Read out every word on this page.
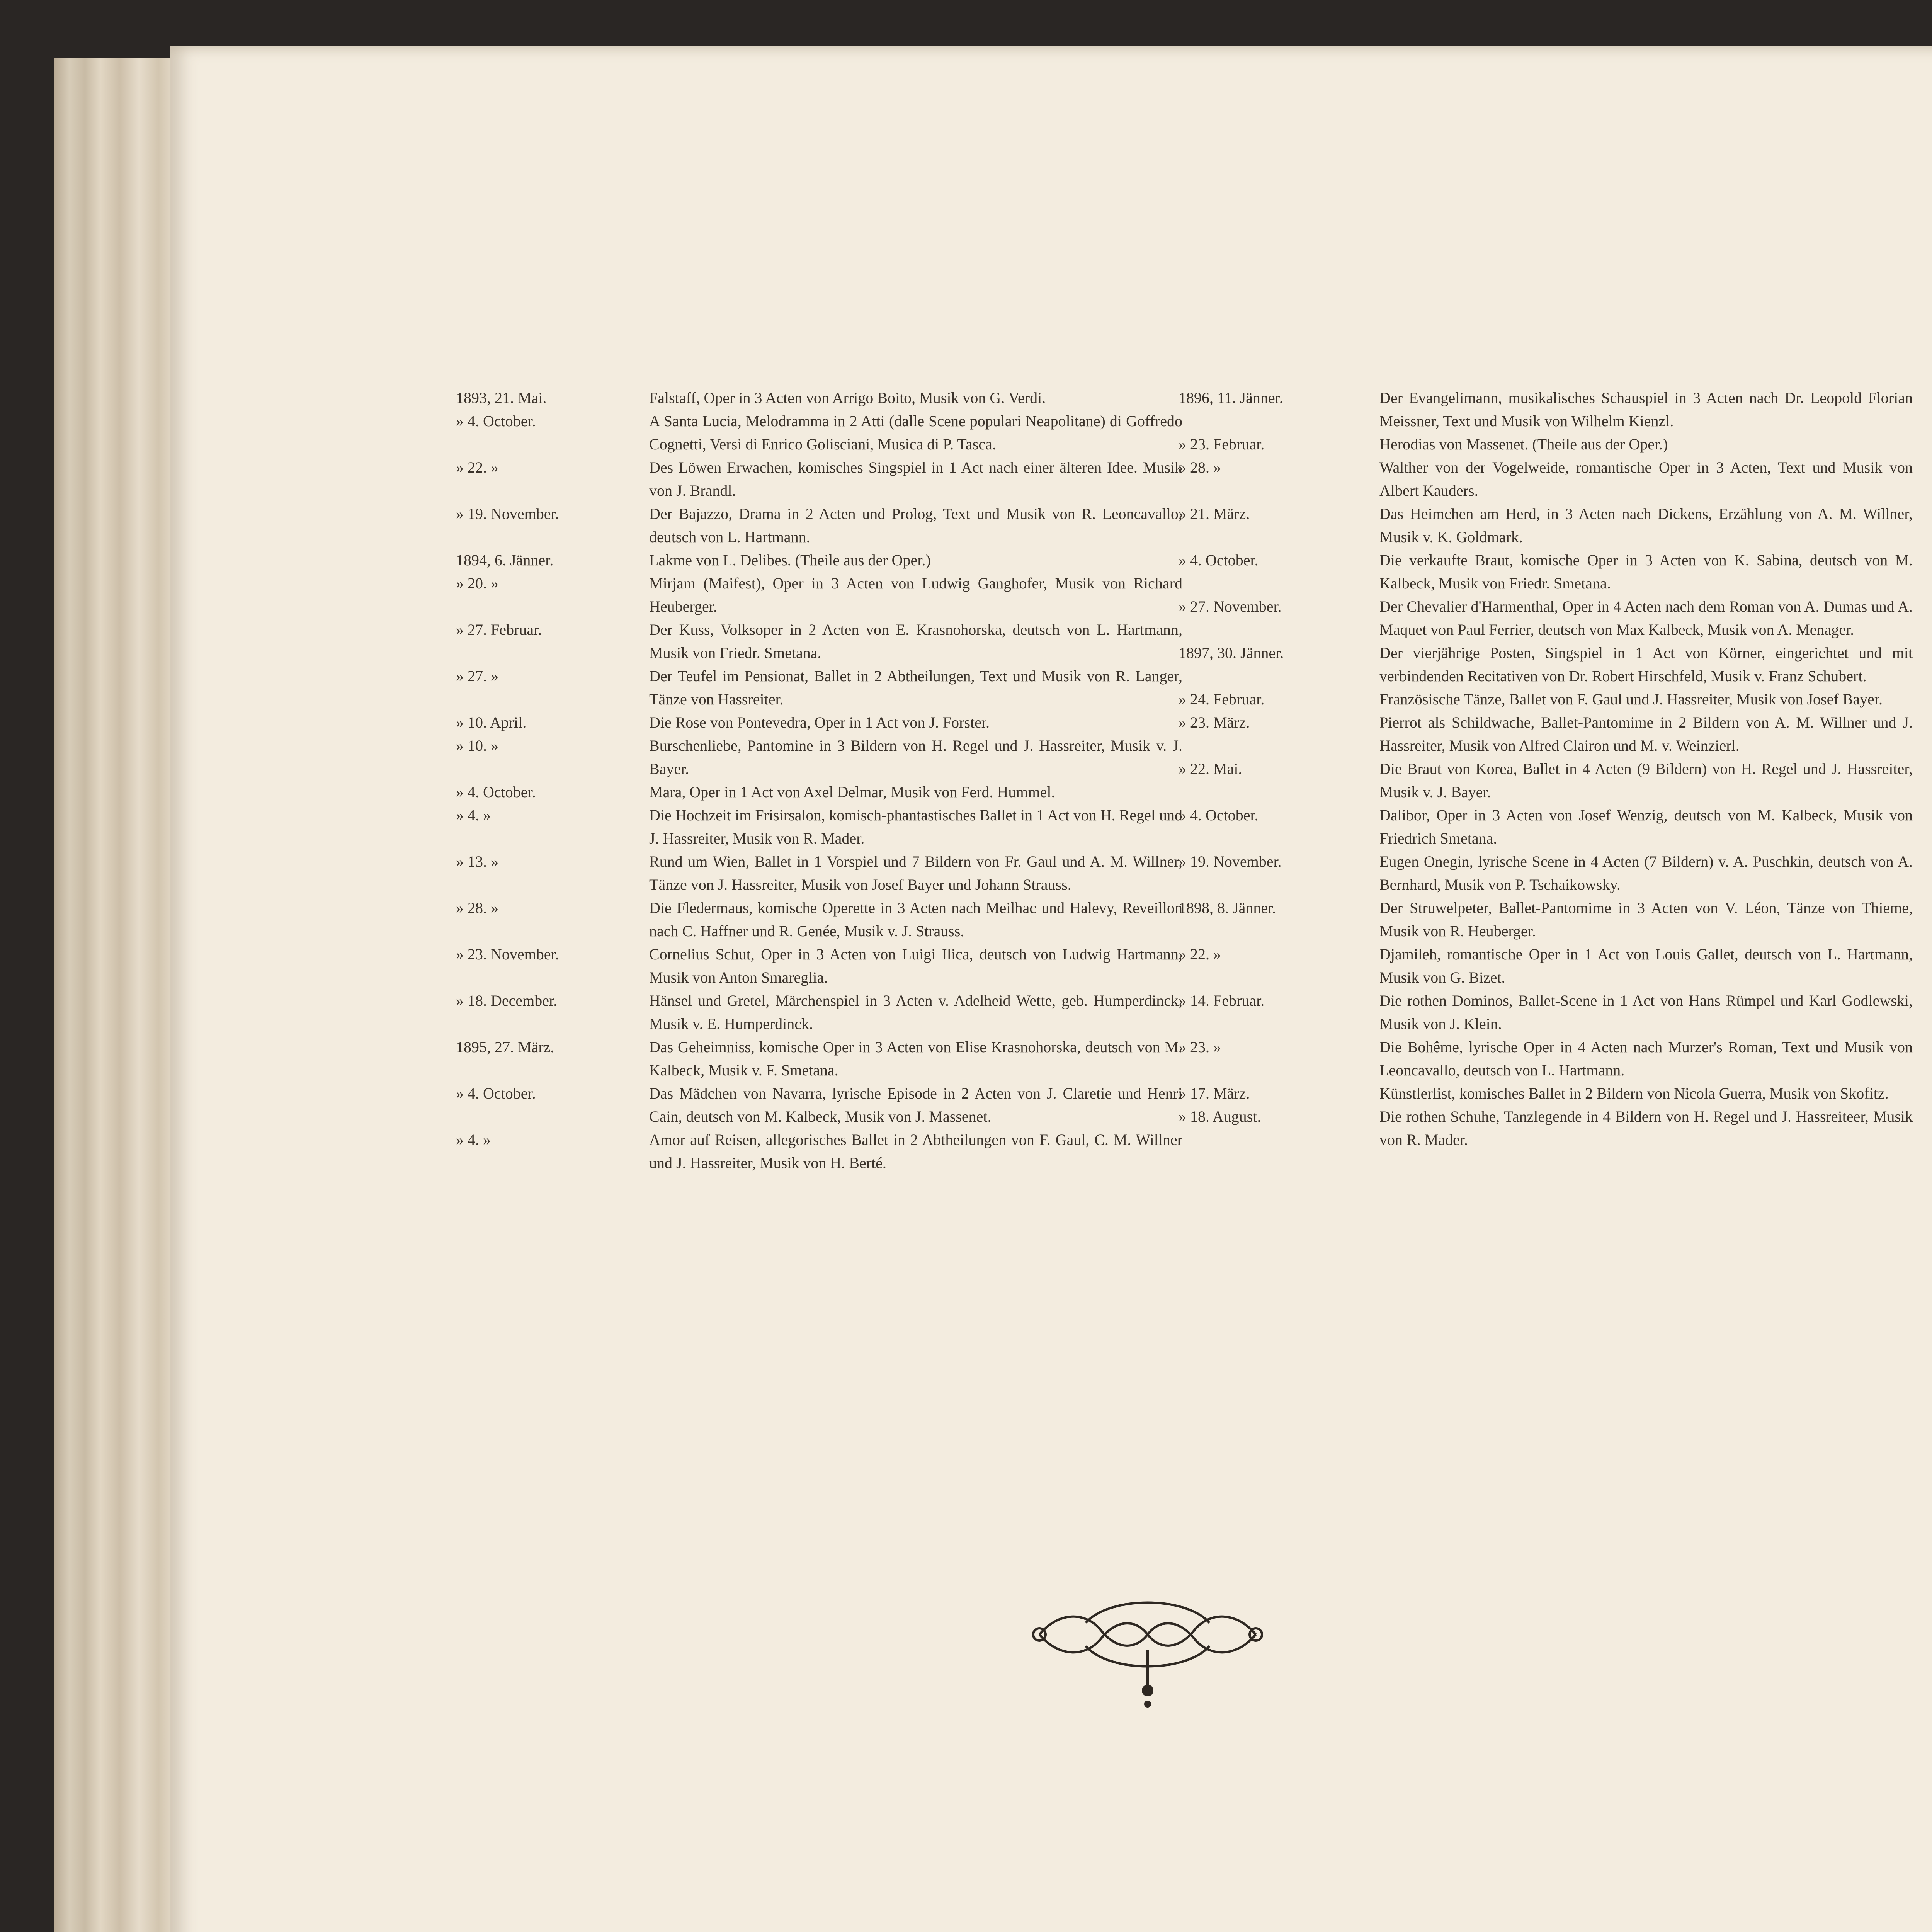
1893, 21. Mai.	Falstaff, Oper in 3 Acten von Arrigo Boito, Musik von G. Verdi.
» 4. October.	A Santa Lucia, Melodramma in 2 Atti (dalle Scene populari Neapolitane) di Goffredo Cognetti, Versi di Enrico Golisciani, Musica di P. Tasca.
» 22. »	Des Löwen Erwachen, komisches Singspiel in 1 Act nach einer älteren Idee. Musik von J. Brandl.
» 19. November.	Der Bajazzo, Drama in 2 Acten und Prolog, Text und Musik von R. Leoncavallo, deutsch von L. Hartmann.
1894, 6. Jänner.	Lakme von L. Delibes. (Theile aus der Oper.)
» 20. »	Mirjam (Maifest), Oper in 3 Acten von Ludwig Ganghofer, Musik von Richard Heuberger.
» 27. Februar.	Der Kuss, Volksoper in 2 Acten von E. Krasnohorska, deutsch von L. Hartmann, Musik von Friedr. Smetana.
» 27. »	Der Teufel im Pensionat, Ballet in 2 Abtheilungen, Text und Musik von R. Langer, Tänze von Hassreiter.
» 10. April.	Die Rose von Pontevedra, Oper in 1 Act von J. Forster.
» 10. »	Burschenliebe, Pantomine in 3 Bildern von H. Regel und J. Hassreiter, Musik v. J. Bayer.
» 4. October.	Mara, Oper in 1 Act von Axel Delmar, Musik von Ferd. Hummel.
» 4. »	Die Hochzeit im Frisirsalon, komisch-phantastisches Ballet in 1 Act von H. Regel und J. Hassreiter, Musik von R. Mader.
» 13. »	Rund um Wien, Ballet in 1 Vorspiel und 7 Bildern von Fr. Gaul und A. M. Willner, Tänze von J. Hassreiter, Musik von Josef Bayer und Johann Strauss.
» 28. »	Die Fledermaus, komische Operette in 3 Acten nach Meilhac und Halevy, Reveillon nach C. Haffner und R. Genée, Musik v. J. Strauss.
» 23. November.	Cornelius Schut, Oper in 3 Acten von Luigi Ilica, deutsch von Ludwig Hartmann, Musik von Anton Smareglia.
» 18. December.	Hänsel und Gretel, Märchenspiel in 3 Acten v. Adelheid Wette, geb. Humperdinck, Musik v. E. Humperdinck.
1895, 27. März.	Das Geheimniss, komische Oper in 3 Acten von Elise Krasnohorska, deutsch von M. Kalbeck, Musik v. F. Smetana.
» 4. October.	Das Mädchen von Navarra, lyrische Episode in 2 Acten von J. Claretie und Henri Cain, deutsch von M. Kalbeck, Musik von J. Massenet.
» 4. »	Amor auf Reisen, allegorisches Ballet in 2 Abtheilungen von F. Gaul, C. M. Willner und J. Hassreiter, Musik von H. Berté.
1896, 11. Jänner.	Der Evangelimann, musikalisches Schauspiel in 3 Acten nach Dr. Leopold Florian Meissner, Text und Musik von Wilhelm Kienzl.
» 23. Februar.	Herodias von Massenet. (Theile aus der Oper.)
» 28. »	Walther von der Vogelweide, romantische Oper in 3 Acten, Text und Musik von Albert Kauders.
» 21. März.	Das Heimchen am Herd, in 3 Acten nach Dickens, Erzählung von A. M. Willner, Musik v. K. Goldmark.
» 4. October.	Die verkaufte Braut, komische Oper in 3 Acten von K. Sabina, deutsch von M. Kalbeck, Musik von Friedr. Smetana.
» 27. November.	Der Chevalier d'Harmenthal, Oper in 4 Acten nach dem Roman von A. Dumas und A. Maquet von Paul Ferrier, deutsch von Max Kalbeck, Musik von A. Menager.
1897, 30. Jänner.	Der vierjährige Posten, Singspiel in 1 Act von Körner, eingerichtet und mit verbindenden Recitativen von Dr. Robert Hirschfeld, Musik v. Franz Schubert.
» 24. Februar.	Französische Tänze, Ballet von F. Gaul und J. Hassreiter, Musik von Josef Bayer.
» 23. März.	Pierrot als Schildwache, Ballet-Pantomime in 2 Bildern von A. M. Willner und J. Hassreiter, Musik von Alfred Clairon und M. v. Weinzierl.
» 22. Mai.	Die Braut von Korea, Ballet in 4 Acten (9 Bildern) von H. Regel und J. Hassreiter, Musik v. J. Bayer.
» 4. October.	Dalibor, Oper in 3 Acten von Josef Wenzig, deutsch von M. Kalbeck, Musik von Friedrich Smetana.
» 19. November.	Eugen Onegin, lyrische Scene in 4 Acten (7 Bildern) v. A. Puschkin, deutsch von A. Bernhard, Musik von P. Tschaikowsky.
1898, 8. Jänner.	Der Struwelpeter, Ballet-Pantomime in 3 Acten von V. Léon, Tänze von Thieme, Musik von R. Heuberger.
» 22. »	Djamileh, romantische Oper in 1 Act von Louis Gallet, deutsch von L. Hartmann, Musik von G. Bizet.
» 14. Februar.	Die rothen Dominos, Ballet-Scene in 1 Act von Hans Rümpel und Karl Godlewski, Musik von J. Klein.
» 23. »	Die Bohême, lyrische Oper in 4 Acten nach Murzer's Roman, Text und Musik von Leoncavallo, deutsch von L. Hartmann.
» 17. März.	Künstlerlist, komisches Ballet in 2 Bildern von Nicola Guerra, Musik von Skofitz.
» 18. August.	Die rothen Schuhe, Tanzlegende in 4 Bildern von H. Regel und J. Hassreiteer, Musik von R. Mader.
